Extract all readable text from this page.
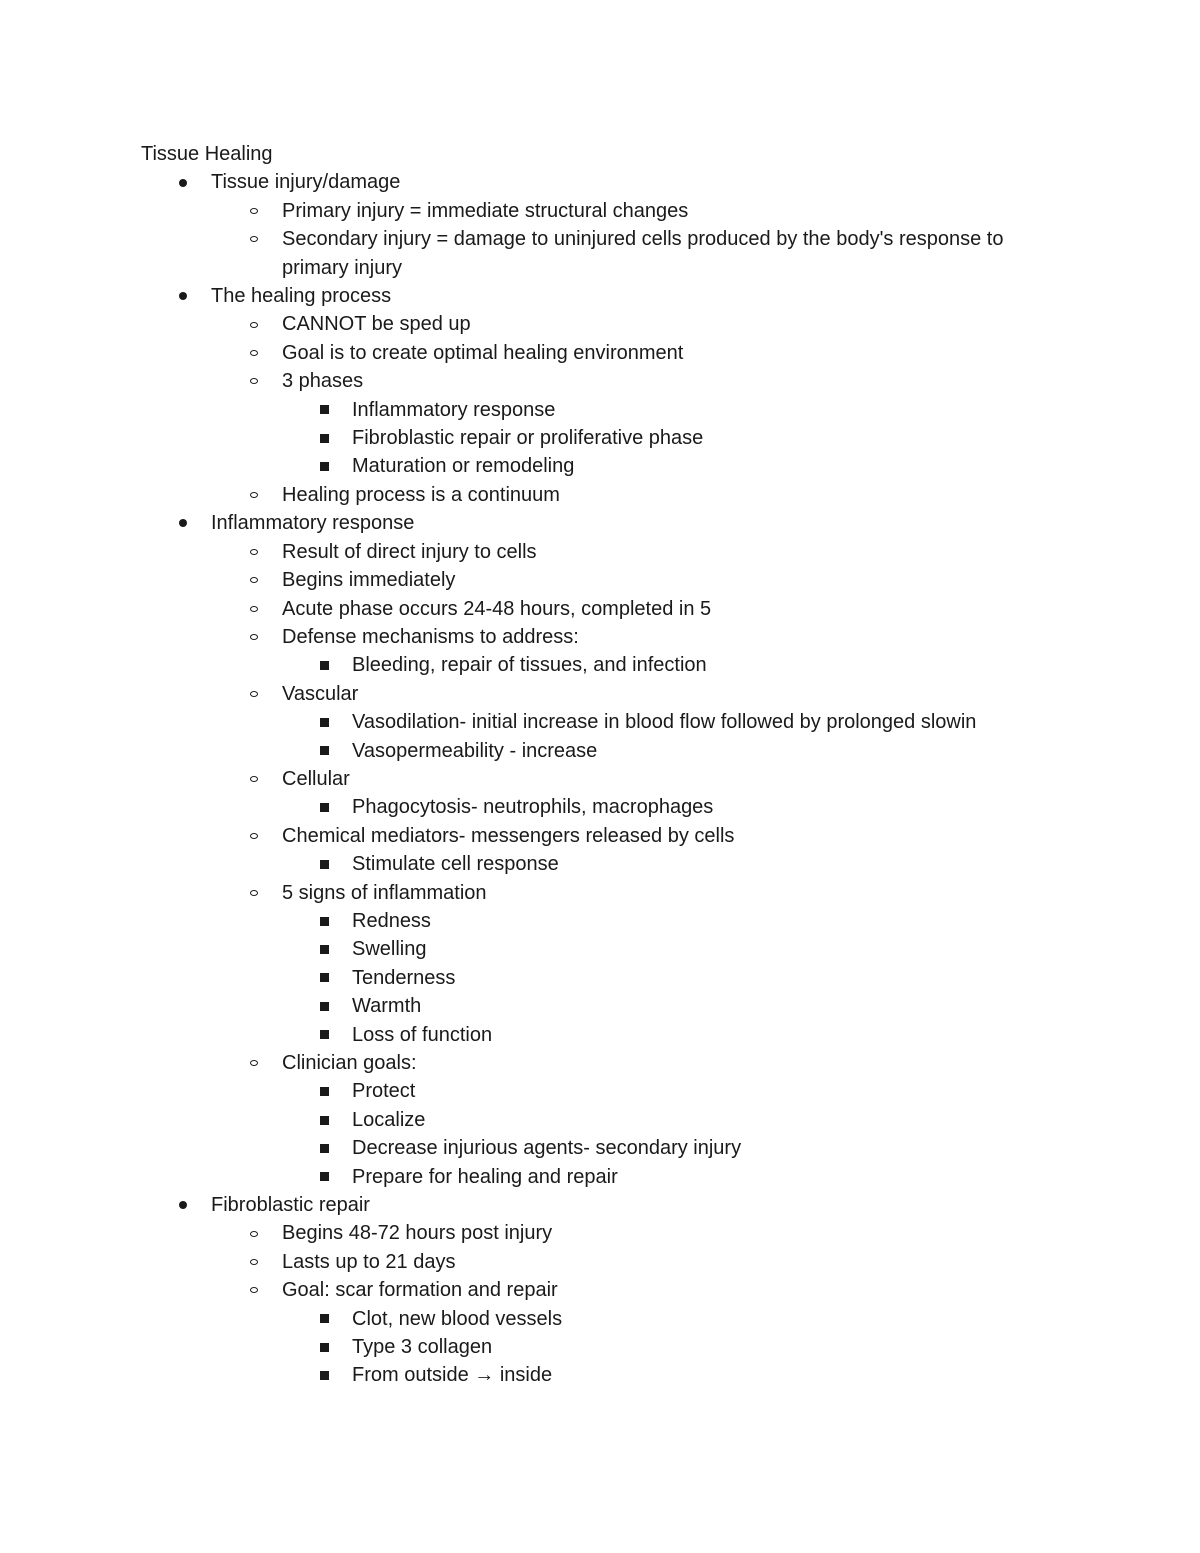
Tissue Healing
Tissue injury/damage
Primary injury = immediate structural changes
Secondary injury = damage to uninjured cells produced by the body's response to primary injury
The healing process
CANNOT be sped up
Goal is to create optimal healing environment
3 phases
Inflammatory response
Fibroblastic repair or proliferative phase
Maturation or remodeling
Healing process is a continuum
Inflammatory response
Result of direct injury to cells
Begins immediately
Acute phase occurs 24-48 hours, completed in 5
Defense mechanisms to address:
Bleeding, repair of tissues, and infection
Vascular
Vasodilation- initial increase in blood flow followed by prolonged slowin
Vasopermeability - increase
Cellular
Phagocytosis- neutrophils, macrophages
Chemical mediators- messengers released by cells
Stimulate cell response
5 signs of inflammation
Redness
Swelling
Tenderness
Warmth
Loss of function
Clinician goals:
Protect
Localize
Decrease injurious agents- secondary injury
Prepare for healing and repair
Fibroblastic repair
Begins 48-72 hours post injury
Lasts up to 21 days
Goal: scar formation and repair
Clot, new blood vessels
Type 3 collagen
From outside → inside
